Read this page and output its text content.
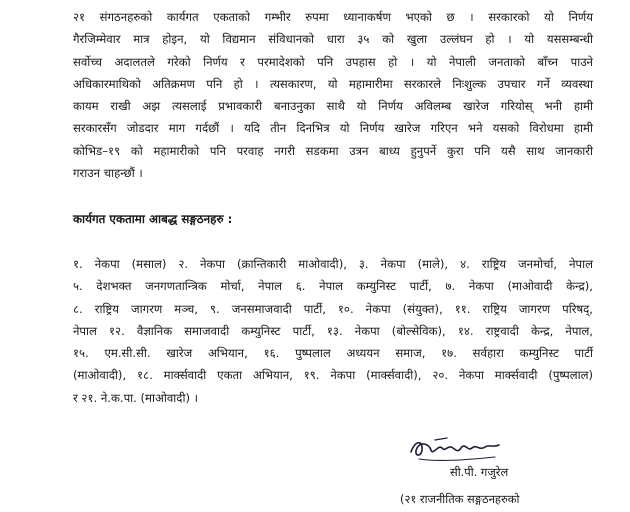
२१ संगठनहरुको कार्यगत एकताको गम्भीर रुपमा ध्यानाकर्षण भएको छ । सरकारको यो निर्णय
गैरजिम्मेवार मात्र होइन, यो विद्यमान संविधानको धारा ३५ को खुला उल्लंघन हो । यो यससम्बन्धी
सर्वोच्च अदालतले गरेको निर्णय र परमादेशको पनि उपहास हो । यो नेपाली जनताको बाँच्न पाउने
अधिकारमाथिको अतिक्रमण पनि हो । त्यसकारण, यो महामारीमा सरकारले निःशुल्क उपचार गर्ने व्यवस्था
कायम राखी अझ त्यसलाई प्रभावकारी बनाउनुका साथै यो निर्णय अविलम्ब खारेज गरियोस् भनी हामी
सरकारसँग जोडदार माग गर्दछौं । यदि तीन दिनभित्र यो निर्णय खारेज गरिएन भने यसको विरोधमा हामी
कोभिड–१९ को महामारीको पनि परवाह नगरी सडकमा उत्रन बाध्य हुनुपर्ने कुरा पनि यसै साथ जानकारी
गराउन चाहन्छौं ।
कार्यगत एकतामा आबद्ध सङ्गठनहरु :
१. नेकपा (मसाल) २. नेकपा (क्रान्तिकारी माओवादी), ३. नेकपा (माले), ४. राष्ट्रिय जनमोर्चा, नेपाल
५. देशभक्त जनगणतान्त्रिक मोर्चा, नेपाल ६. नेपाल कम्युनिस्ट पार्टी, ७. नेकपा (माओवादी केन्द्र),
८. राष्ट्रिय जागरण मञ्च, ९. जनसमाजवादी पार्टी, १०. नेकपा (संयुक्त), ११. राष्ट्रिय जागरण परिषद्,
नेपाल १२. वैज्ञानिक समाजवादी कम्युनिस्ट पार्टी, १३. नेकपा (बोल्सेविक), १४. राष्ट्रवादी केन्द्र, नेपाल,
१५. एम.सी.सी. खारेज अभियान, १६. पुष्पलाल अध्ययन समाज, १७. सर्वहारा कम्युनिस्ट पार्टी
(माओवादी), १८. मार्क्सवादी एकता अभियान, १९. नेकपा (मार्क्सवादी), २०. नेकपा मार्क्सवादी (पुष्पलाल)
र २१. ने.क.पा. (माओवादी) ।
सी.पी. गजुरेल
(२१ राजनीतिक सङ्गठनहरुको
